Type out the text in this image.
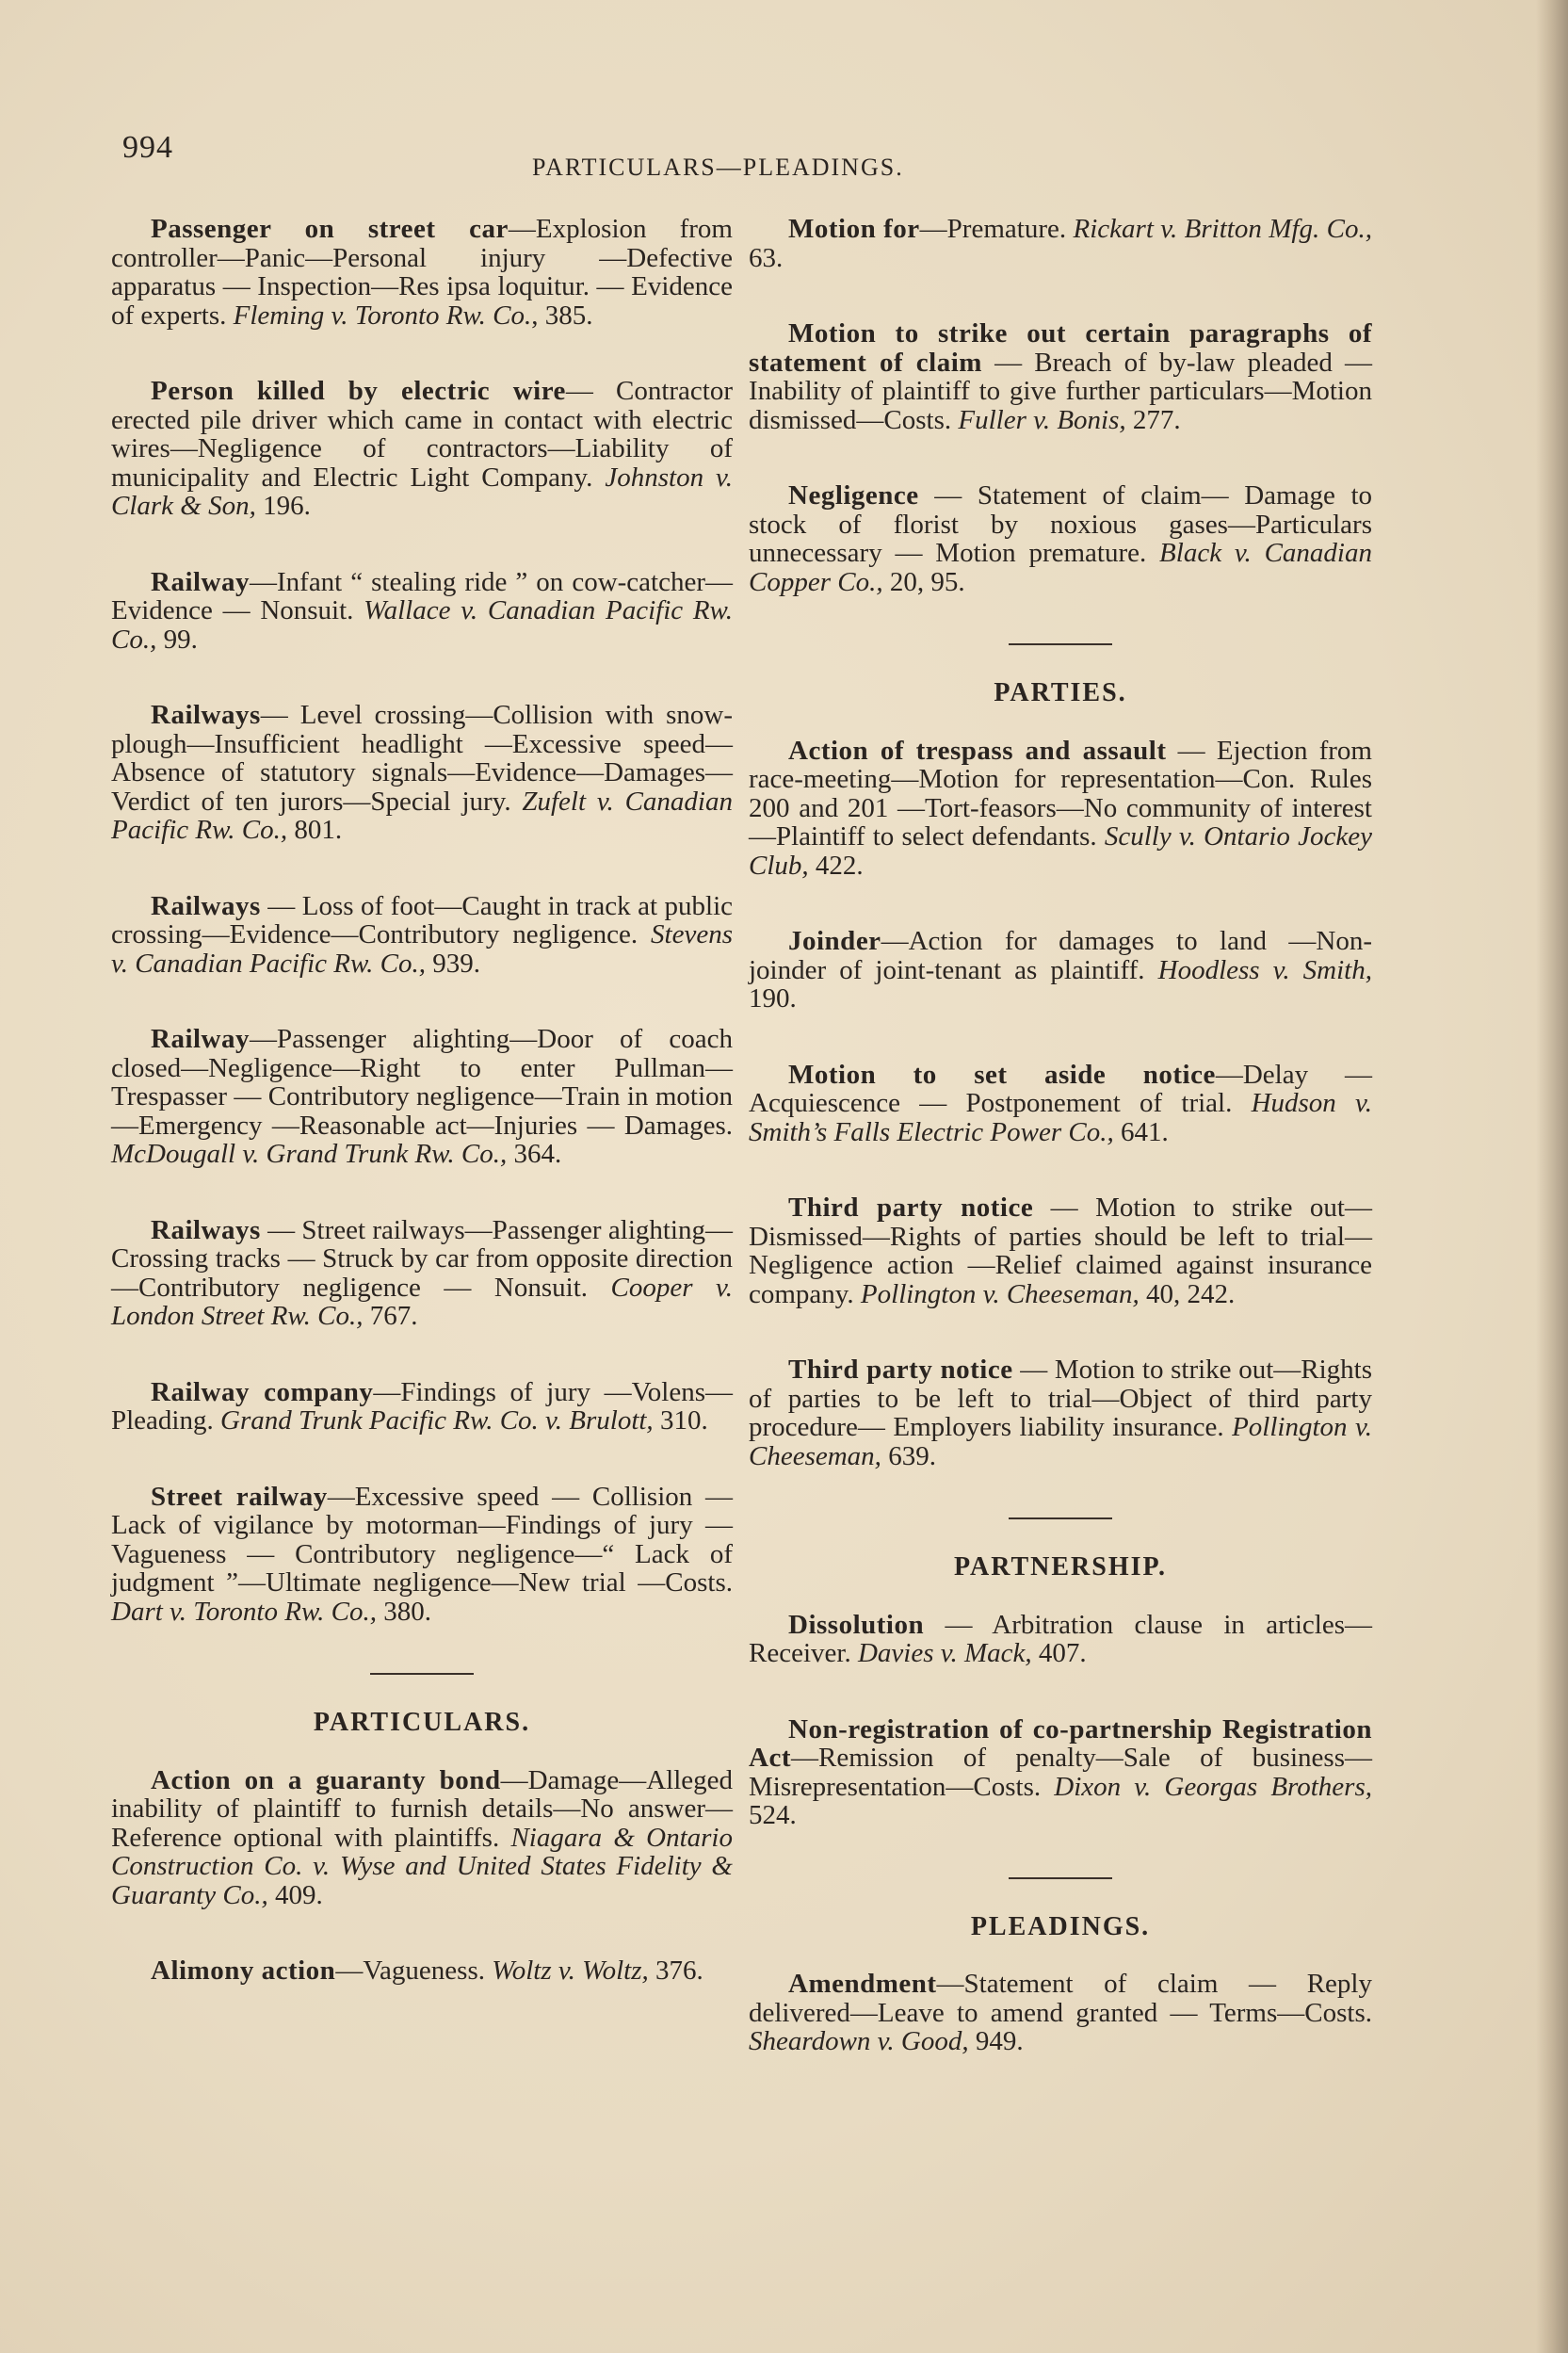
994
PARTICULARS—PLEADINGS.

Passenger on street car—Explosion from controller—Panic—Personal injury —Defective apparatus — Inspection—Res ipsa loquitur. — Evidence of experts. Fleming v. Toronto Rw. Co., 385.

Person killed by electric wire— Contractor erected pile driver which came in contact with electric wires—Negligence of contractors—Liability of municipality and Electric Light Company. Johnston v. Clark & Son, 196.

Railway—Infant “ stealing ride ” on cow-catcher—Evidence — Nonsuit. Wallace v. Canadian Pacific Rw. Co., 99.

Railways— Level crossing—Collision with snow-plough—Insufficient headlight —Excessive speed—Absence of statutory signals—Evidence—Damages—Verdict of ten jurors—Special jury. Zufelt v. Canadian Pacific Rw. Co., 801.

Railways — Loss of foot—Caught in track at public crossing—Evidence—Contributory negligence. Stevens v. Canadian Pacific Rw. Co., 939.

Railway—Passenger alighting—Door of coach closed—Negligence—Right to enter Pullman—Trespasser — Contributory negligence—Train in motion—Emergency —Reasonable act—Injuries — Damages. McDougall v. Grand Trunk Rw. Co., 364.

Railways — Street railways—Passenger alighting—Crossing tracks — Struck by car from opposite direction—Contributory negligence — Nonsuit. Cooper v. London Street Rw. Co., 767.

Railway company—Findings of jury —Volens—Pleading. Grand Trunk Pacific Rw. Co. v. Brulott, 310.

Street railway—Excessive speed — Collision — Lack of vigilance by motorman—Findings of jury — Vagueness — Contributory negligence—“ Lack of judgment ”—Ultimate negligence—New trial —Costs. Dart v. Toronto Rw. Co., 380.

PARTICULARS.

Action on a guaranty bond—Damage—Alleged inability of plaintiff to furnish details—No answer—Reference optional with plaintiffs. Niagara & Ontario Construction Co. v. Wyse and United States Fidelity & Guaranty Co., 409.

Alimony action—Vagueness. Woltz v. Woltz, 376.

Motion for—Premature. Rickart v. Britton Mfg. Co., 63.

Motion to strike out certain paragraphs of statement of claim — Breach of by-law pleaded — Inability of plaintiff to give further particulars—Motion dismissed—Costs. Fuller v. Bonis, 277.

Negligence — Statement of claim— Damage to stock of florist by noxious gases—Particulars unnecessary — Motion premature. Black v. Canadian Copper Co., 20, 95.

PARTIES.

Action of trespass and assault — Ejection from race-meeting—Motion for representation—Con. Rules 200 and 201 —Tort-feasors—No community of interest—Plaintiff to select defendants. Scully v. Ontario Jockey Club, 422.

Joinder—Action for damages to land —Non-joinder of joint-tenant as plaintiff. Hoodless v. Smith, 190.

Motion to set aside notice—Delay —Acquiescence — Postponement of trial. Hudson v. Smith’s Falls Electric Power Co., 641.

Third party notice — Motion to strike out—Dismissed—Rights of parties should be left to trial—Negligence action —Relief claimed against insurance company. Pollington v. Cheeseman, 40, 242.

Third party notice — Motion to strike out—Rights of parties to be left to trial—Object of third party procedure— Employers liability insurance. Pollington v. Cheeseman, 639.

PARTNERSHIP.

Dissolution — Arbitration clause in articles—Receiver. Davies v. Mack, 407.

Non-registration of co-partnership Registration Act—Remission of penalty—Sale of business—Misrepresentation—Costs. Dixon v. Georgas Brothers, 524.

PLEADINGS.

Amendment—Statement of claim — Reply delivered—Leave to amend granted — Terms—Costs. Sheardown v. Good, 949.
